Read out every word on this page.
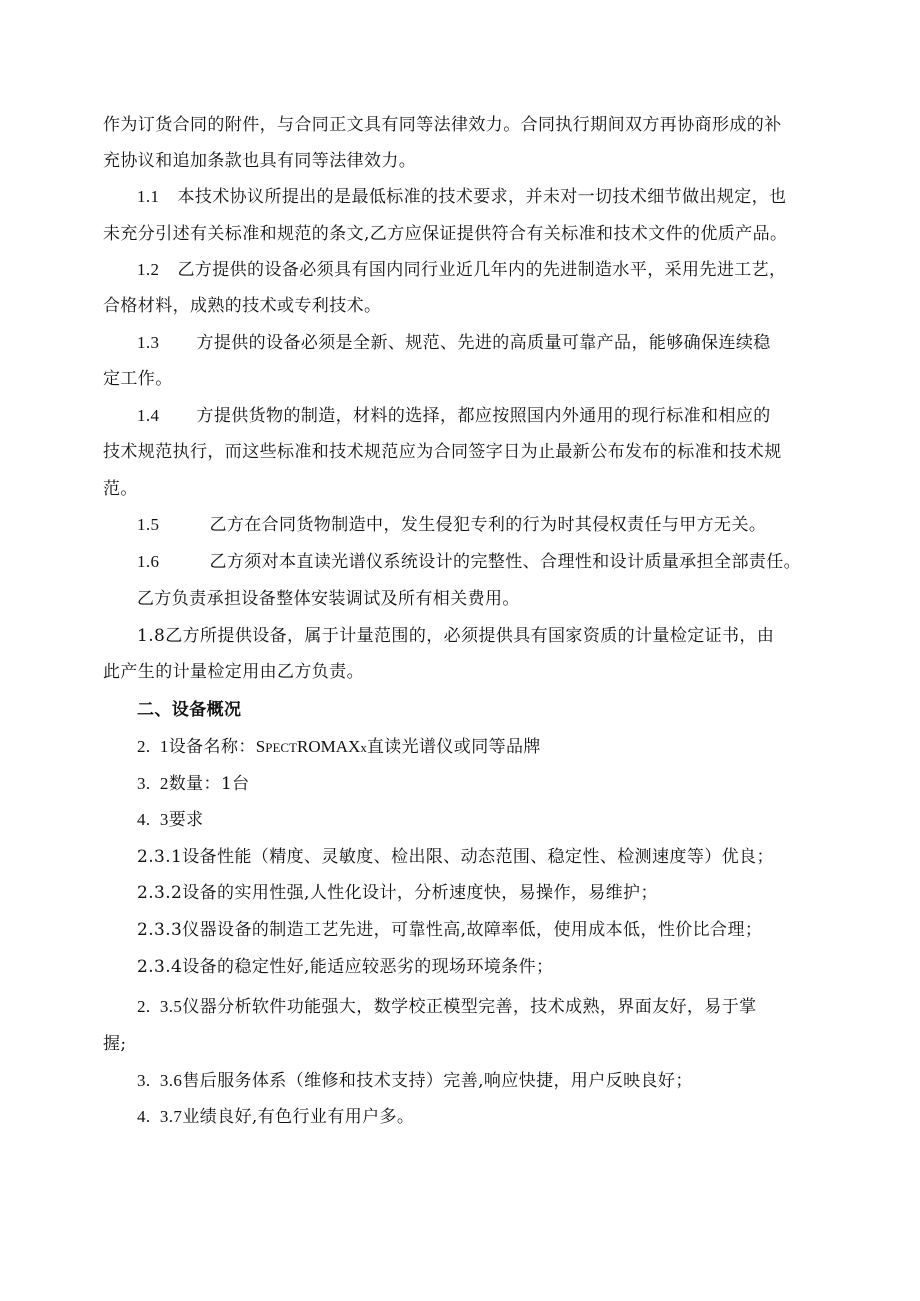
作为订货合同的附件，与合同正文具有同等法律效力。合同执行期间双方再协商形成的补
充协议和追加条款也具有同等法律效力。
1.1 本技术协议所提出的是最低标准的技术要求，并未对一切技术细节做出规定，也
未充分引述有关标准和规范的条文,乙方应保证提供符合有关标准和技术文件的优质产品。
1.2 乙方提供的设备必须具有国内同行业近几年内的先进制造水平，采用先进工艺，
合格材料，成熟的技术或专利技术。
1.3 方提供的设备必须是全新、规范、先进的高质量可靠产品，能够确保连续稳
定工作。
1.4 方提供货物的制造，材料的选择，都应按照国内外通用的现行标准和相应的
技术规范执行，而这些标准和技术规范应为合同签字日为止最新公布发布的标准和技术规
范。
1.5	乙方在合同货物制造中，发生侵犯专利的行为时其侵权责任与甲方无关。
1.6	乙方须对本直读光谱仪系统设计的完整性、合理性和设计质量承担全部责任。
乙方负责承担设备整体安装调试及所有相关费用。
1.8乙方所提供设备，属于计量范围的，必须提供具有国家资质的计量检定证书，由
此产生的计量检定用由乙方负责。
二、设备概况
2.  1设备名称：SPECTROMAXx直读光谱仪或同等品牌
3.  2数量：1台
4.  3要求
2.3.1设备性能（精度、灵敏度、检出限、动态范围、稳定性、检测速度等）优良；
2.3.2设备的实用性强,人性化设计，分析速度快，易操作，易维护；
2.3.3仪器设备的制造工艺先进，可靠性高,故障率低，使用成本低，性价比合理；
2.3.4设备的稳定性好,能适应较恶劣的现场环境条件；
2.  3.5仪器分析软件功能强大，数学校正模型完善，技术成熟，界面友好，易于掌
握;
3.  3.6售后服务体系（维修和技术支持）完善,响应快捷，用户反映良好；
4.  3.7业绩良好,有色行业有用户多。
